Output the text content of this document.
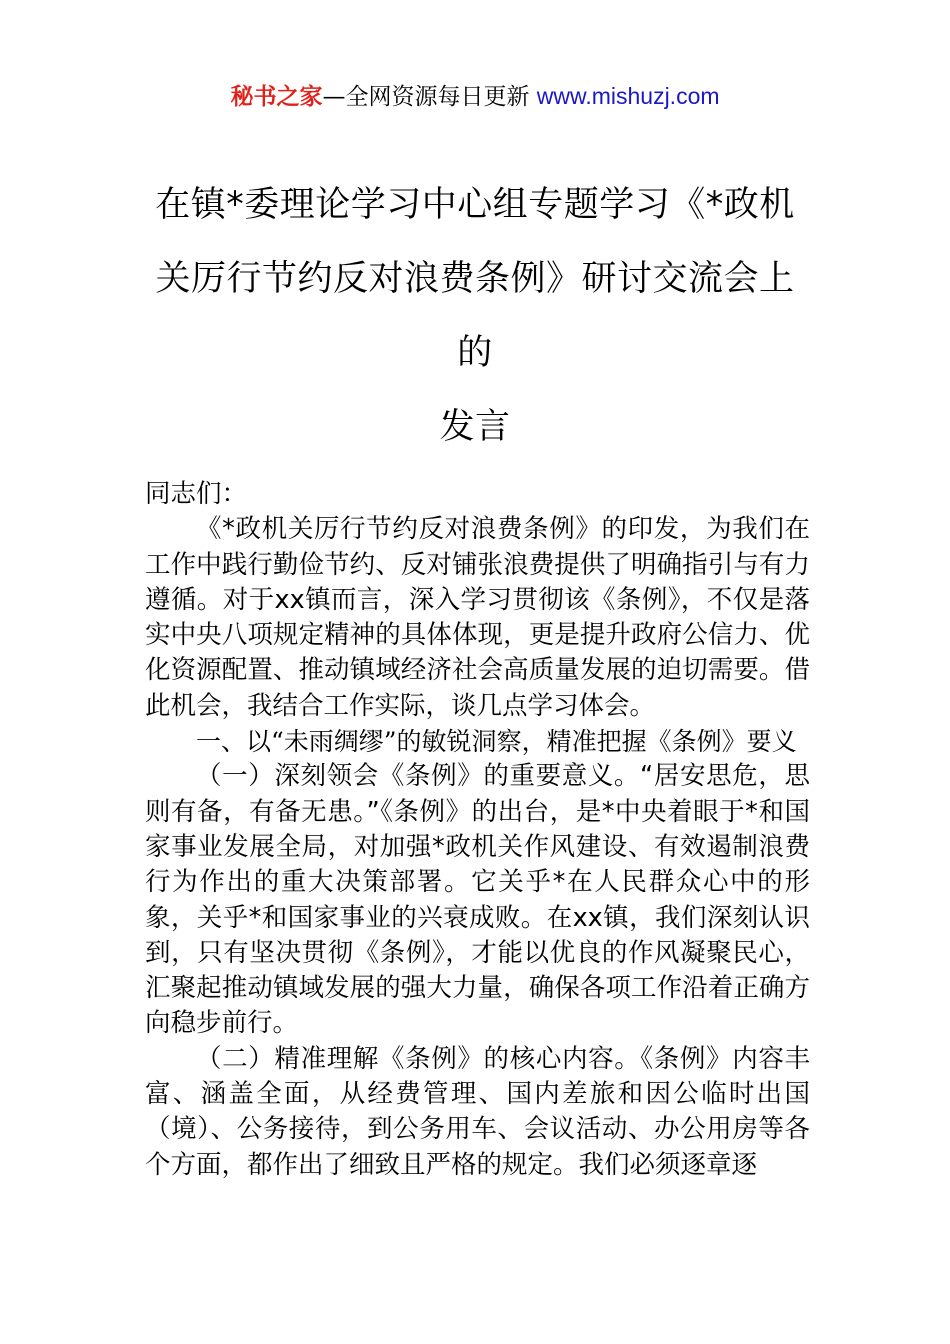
秘书之家—全网资源每日更新 www.mishuzj.com
在镇*委理论学习中心组专题学习《*政机
关厉行节约反对浪费条例》研讨交流会上
的
发言

同志们：

《*政机关厉行节约反对浪费条例》的印发，为我们在工作中践行勤俭节约、反对铺张浪费提供了明确指引与有力遵循。对于xx镇而言，深入学习贯彻该《条例》，不仅是落实中央八项规定精神的具体体现，更是提升政府公信力、优化资源配置、推动镇域经济社会高质量发展的迫切需要。借此机会，我结合工作实际，谈几点学习体会。

一、以“未雨绸缪”的敏锐洞察，精准把握《条例》要义

（一）深刻领会《条例》的重要意义。“居安思危，思则有备，有备无患。”《条例》的出台，是*中央着眼于*和国家事业发展全局，对加强*政机关作风建设、有效遏制浪费行为作出的重大决策部署。它关乎*在人民群众心中的形象，关乎*和国家事业的兴衰成败。在xx镇，我们深刻认识到，只有坚决贯彻《条例》，才能以优良的作风凝聚民心，汇聚起推动镇域发展的强大力量，确保各项工作沿着正确方向稳步前行。

（二）精准理解《条例》的核心内容。《条例》内容丰富、涵盖全面，从经费管理、国内差旅和因公临时出国（境）、公务接待，到公务用车、会议活动、办公用房等各个方面，都作出了细致且严格的规定。我们必须逐章逐
